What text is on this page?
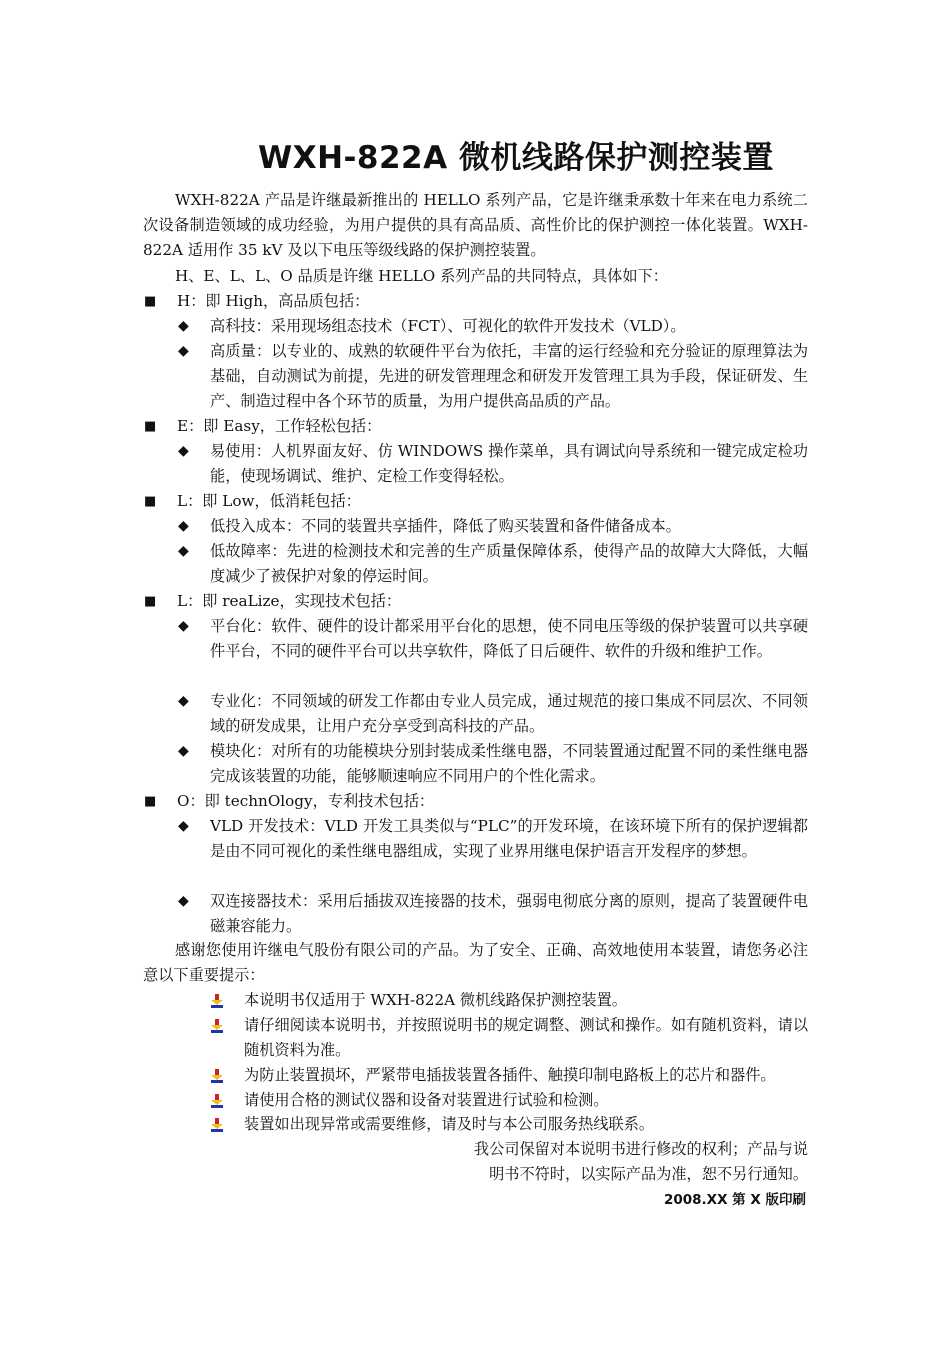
WXH-822A 微机线路保护测控装置
WXH-822A 产品是许继最新推出的 HELLO 系列产品，它是许继秉承数十年来在电力系统二次设备制造领域的成功经验，为用户提供的具有高品质、高性价比的保护测控一体化装置。WXH-822A 适用作 35 kV 及以下电压等级线路的保护测控装置。
H、E、L、L、O 品质是许继 HELLO 系列产品的共同特点，具体如下：
■ H：即 High，高品质包括：
◆ 高科技：采用现场组态技术（FCT）、可视化的软件开发技术（VLD）。
◆ 高质量：以专业的、成熟的软硬件平台为依托，丰富的运行经验和充分验证的原理算法为基础，自动测试为前提，先进的研发管理理念和研发开发管理工具为手段，保证研发、生产、制造过程中各个环节的质量，为用户提供高品质的产品。
■ E：即 Easy，工作轻松包括：
◆ 易使用：人机界面友好、仿 WINDOWS 操作菜单，具有调试向导系统和一键完成定检功能，使现场调试、维护、定检工作变得轻松。
■ L：即 Low，低消耗包括：
◆ 低投入成本：不同的装置共享插件，降低了购买装置和备件储备成本。
◆ 低故障率：先进的检测技术和完善的生产质量保障体系，使得产品的故障大大降低，大幅度减少了被保护对象的停运时间。
■ L：即 reaLize，实现技术包括：
◆ 平台化：软件、硬件的设计都采用平台化的思想，使不同电压等级的保护装置可以共享硬件平台，不同的硬件平台可以共享软件，降低了日后硬件、软件的升级和维护工作。
◆ 专业化：不同领域的研发工作都由专业人员完成，通过规范的接口集成不同层次、不同领域的研发成果，让用户充分享受到高科技的产品。
◆ 模块化：对所有的功能模块分别封装成柔性继电器，不同装置通过配置不同的柔性继电器完成该装置的功能，能够顺速响应不同用户的个性化需求。
■ O：即 technOlogy，专利技术包括：
◆ VLD 开发技术：VLD 开发工具类似与“PLC”的开发环境，在该环境下所有的保护逻辑都是由不同可视化的柔性继电器组成，实现了业界用继电保护语言开发程序的梦想。
◆ 双连接器技术：采用后插拔双连接器的技术，强弱电彻底分离的原则，提高了装置硬件电磁兼容能力。
感谢您使用许继电气股份有限公司的产品。为了安全、正确、高效地使用本装置，请您务必注意以下重要提示：
本说明书仅适用于 WXH-822A 微机线路保护测控装置。
请仔细阅读本说明书，并按照说明书的规定调整、测试和操作。如有随机资料，请以随机资料为准。
为防止装置损坏，严紧带电插拔装置各插件、触摸印制电路板上的芯片和器件。
请使用合格的测试仪器和设备对装置进行试验和检测。
装置如出现异常或需要维修，请及时与本公司服务热线联系。
我公司保留对本说明书进行修改的权利；产品与说
明书不符时，以实际产品为准，恕不另行通知。
2008.XX 第 X 版印刷
